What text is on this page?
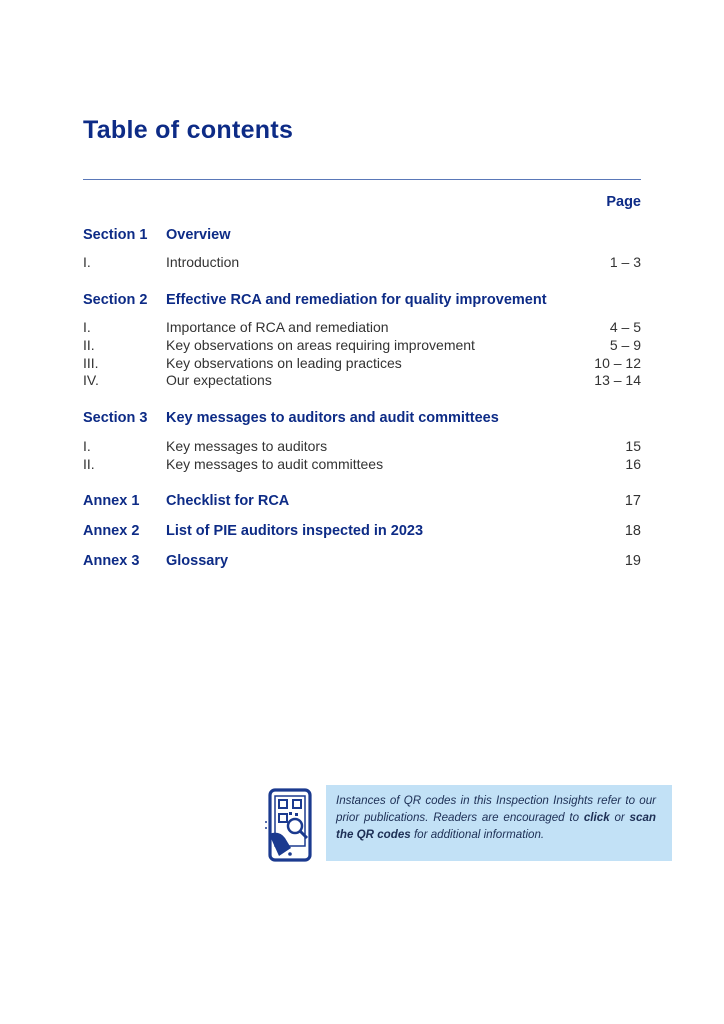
Table of contents
Page
Section 1 Overview
I.	Introduction	1 – 3
Section 2 Effective RCA and remediation for quality improvement
I.	Importance of RCA and remediation	4 – 5
II.	Key observations on areas requiring improvement	5 – 9
III.	Key observations on leading practices	10 – 12
IV.	Our expectations	13 – 14
Section 3 Key messages to auditors and audit committees
I.	Key messages to auditors	15
II.	Key messages to audit committees	16
Annex 1 Checklist for RCA	17
Annex 2 List of PIE auditors inspected in 2023	18
Annex 3 Glossary	19

Instances of QR codes in this Inspection Insights refer to our prior publications. Readers are encouraged to click or scan the QR codes for additional information.
